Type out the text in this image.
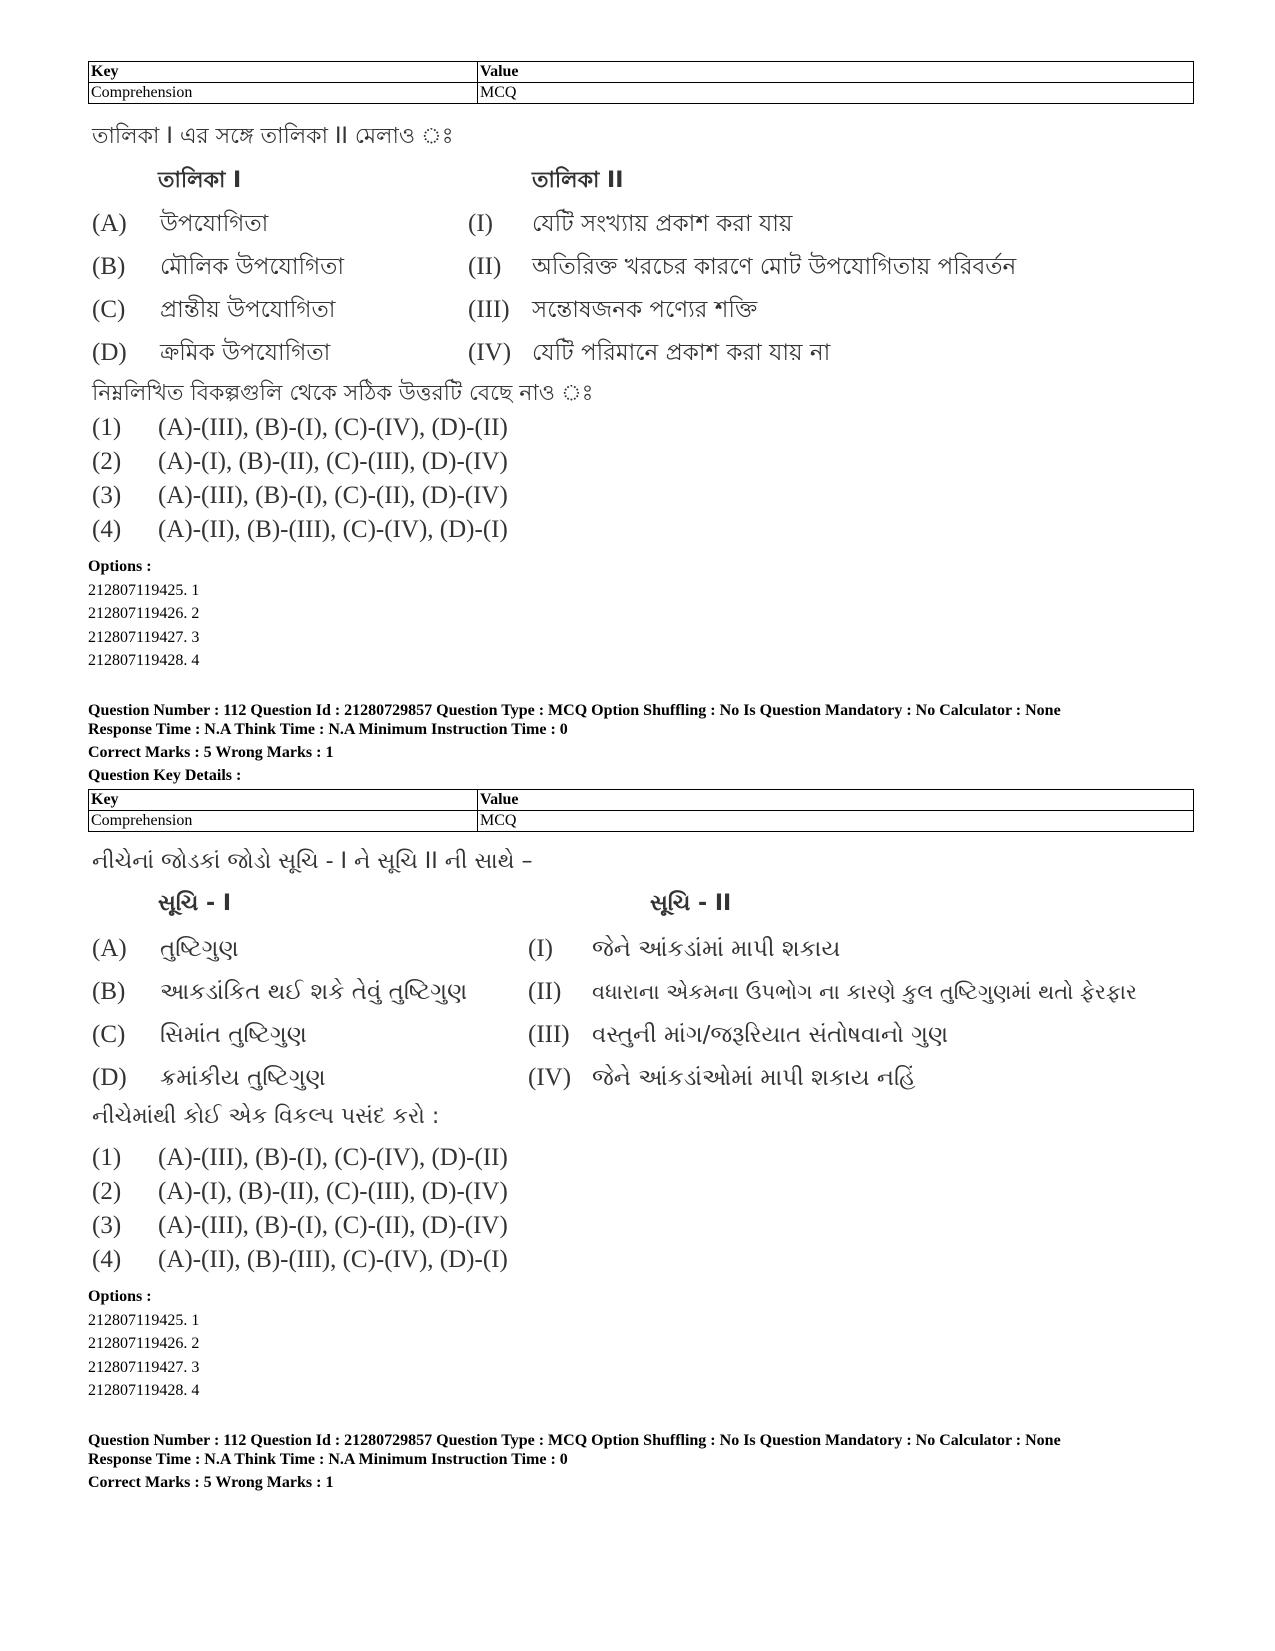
Key	Value
Comprehension	MCQ
তালিকা I এর সঙ্গে তালিকা II মেলাও ঃ
তালিকা I	তালিকা II
(A) উপযোগিতা	(I) যেটি সংখ্যায় প্রকাশ করা যায়
(B) মৌলিক উপযোগিতা	(II) অতিরিক্ত খরচের কারণে মোট উপযোগিতায় পরিবর্তন
(C) প্রান্তীয় উপযোগিতা	(III) সন্তোষজনক পণ্যের শক্তি
(D) ক্রমিক উপযোগিতা	(IV) যেটি পরিমানে প্রকাশ করা যায় না
নিম্নলিখিত বিকল্পগুলি থেকে সঠিক উত্তরটি বেছে নাও ঃ
(1) (A)-(III), (B)-(I), (C)-(IV), (D)-(II)
(2) (A)-(I), (B)-(II), (C)-(III), (D)-(IV)
(3) (A)-(III), (B)-(I), (C)-(II), (D)-(IV)
(4) (A)-(II), (B)-(III), (C)-(IV), (D)-(I)
Options :
212807119425. 1
212807119426. 2
212807119427. 3
212807119428. 4
Question Number : 112 Question Id : 21280729857 Question Type : MCQ Option Shuffling : No Is Question Mandatory : No Calculator : None
Response Time : N.A Think Time : N.A Minimum Instruction Time : 0
Correct Marks : 5 Wrong Marks : 1
Question Key Details :
Key	Value
Comprehension	MCQ
નીચેનાં જોડકાં જોડો સૂચિ - I ને સૂચિ II ની સાથે –
સૂચિ - I	સૂચિ - II
(A) તુષ્ટિગુણ	(I) જેને આંકડાંમાં માપી શકાય
(B) આકડાંકિત થઈ શકે તેવું તુષ્ટિગુણ (II) વધારાના એકમના ઉપભોગ ના કારણે કુલ તુષ્ટિગુણમાં થતો ફેરફાર
(C) સિમાંત તુષ્ટિગુણ	(III) વસ્તુની માંગ/જરૂરિયાત સંતોષવાનો ગુણ
(D) ક્રમાંકીય તુષ્ટિગુણ	(IV) જેને આંકડાંઓમાં માપી શકાય નહિં
નીચેમાંથી કોઈ એક વિકલ્પ પસંદ કરો :
(1) (A)-(III), (B)-(I), (C)-(IV), (D)-(II)
(2) (A)-(I), (B)-(II), (C)-(III), (D)-(IV)
(3) (A)-(III), (B)-(I), (C)-(II), (D)-(IV)
(4) (A)-(II), (B)-(III), (C)-(IV), (D)-(I)
Options :
212807119425. 1
212807119426. 2
212807119427. 3
212807119428. 4
Question Number : 112 Question Id : 21280729857 Question Type : MCQ Option Shuffling : No Is Question Mandatory : No Calculator : None
Response Time : N.A Think Time : N.A Minimum Instruction Time : 0
Correct Marks : 5 Wrong Marks : 1
